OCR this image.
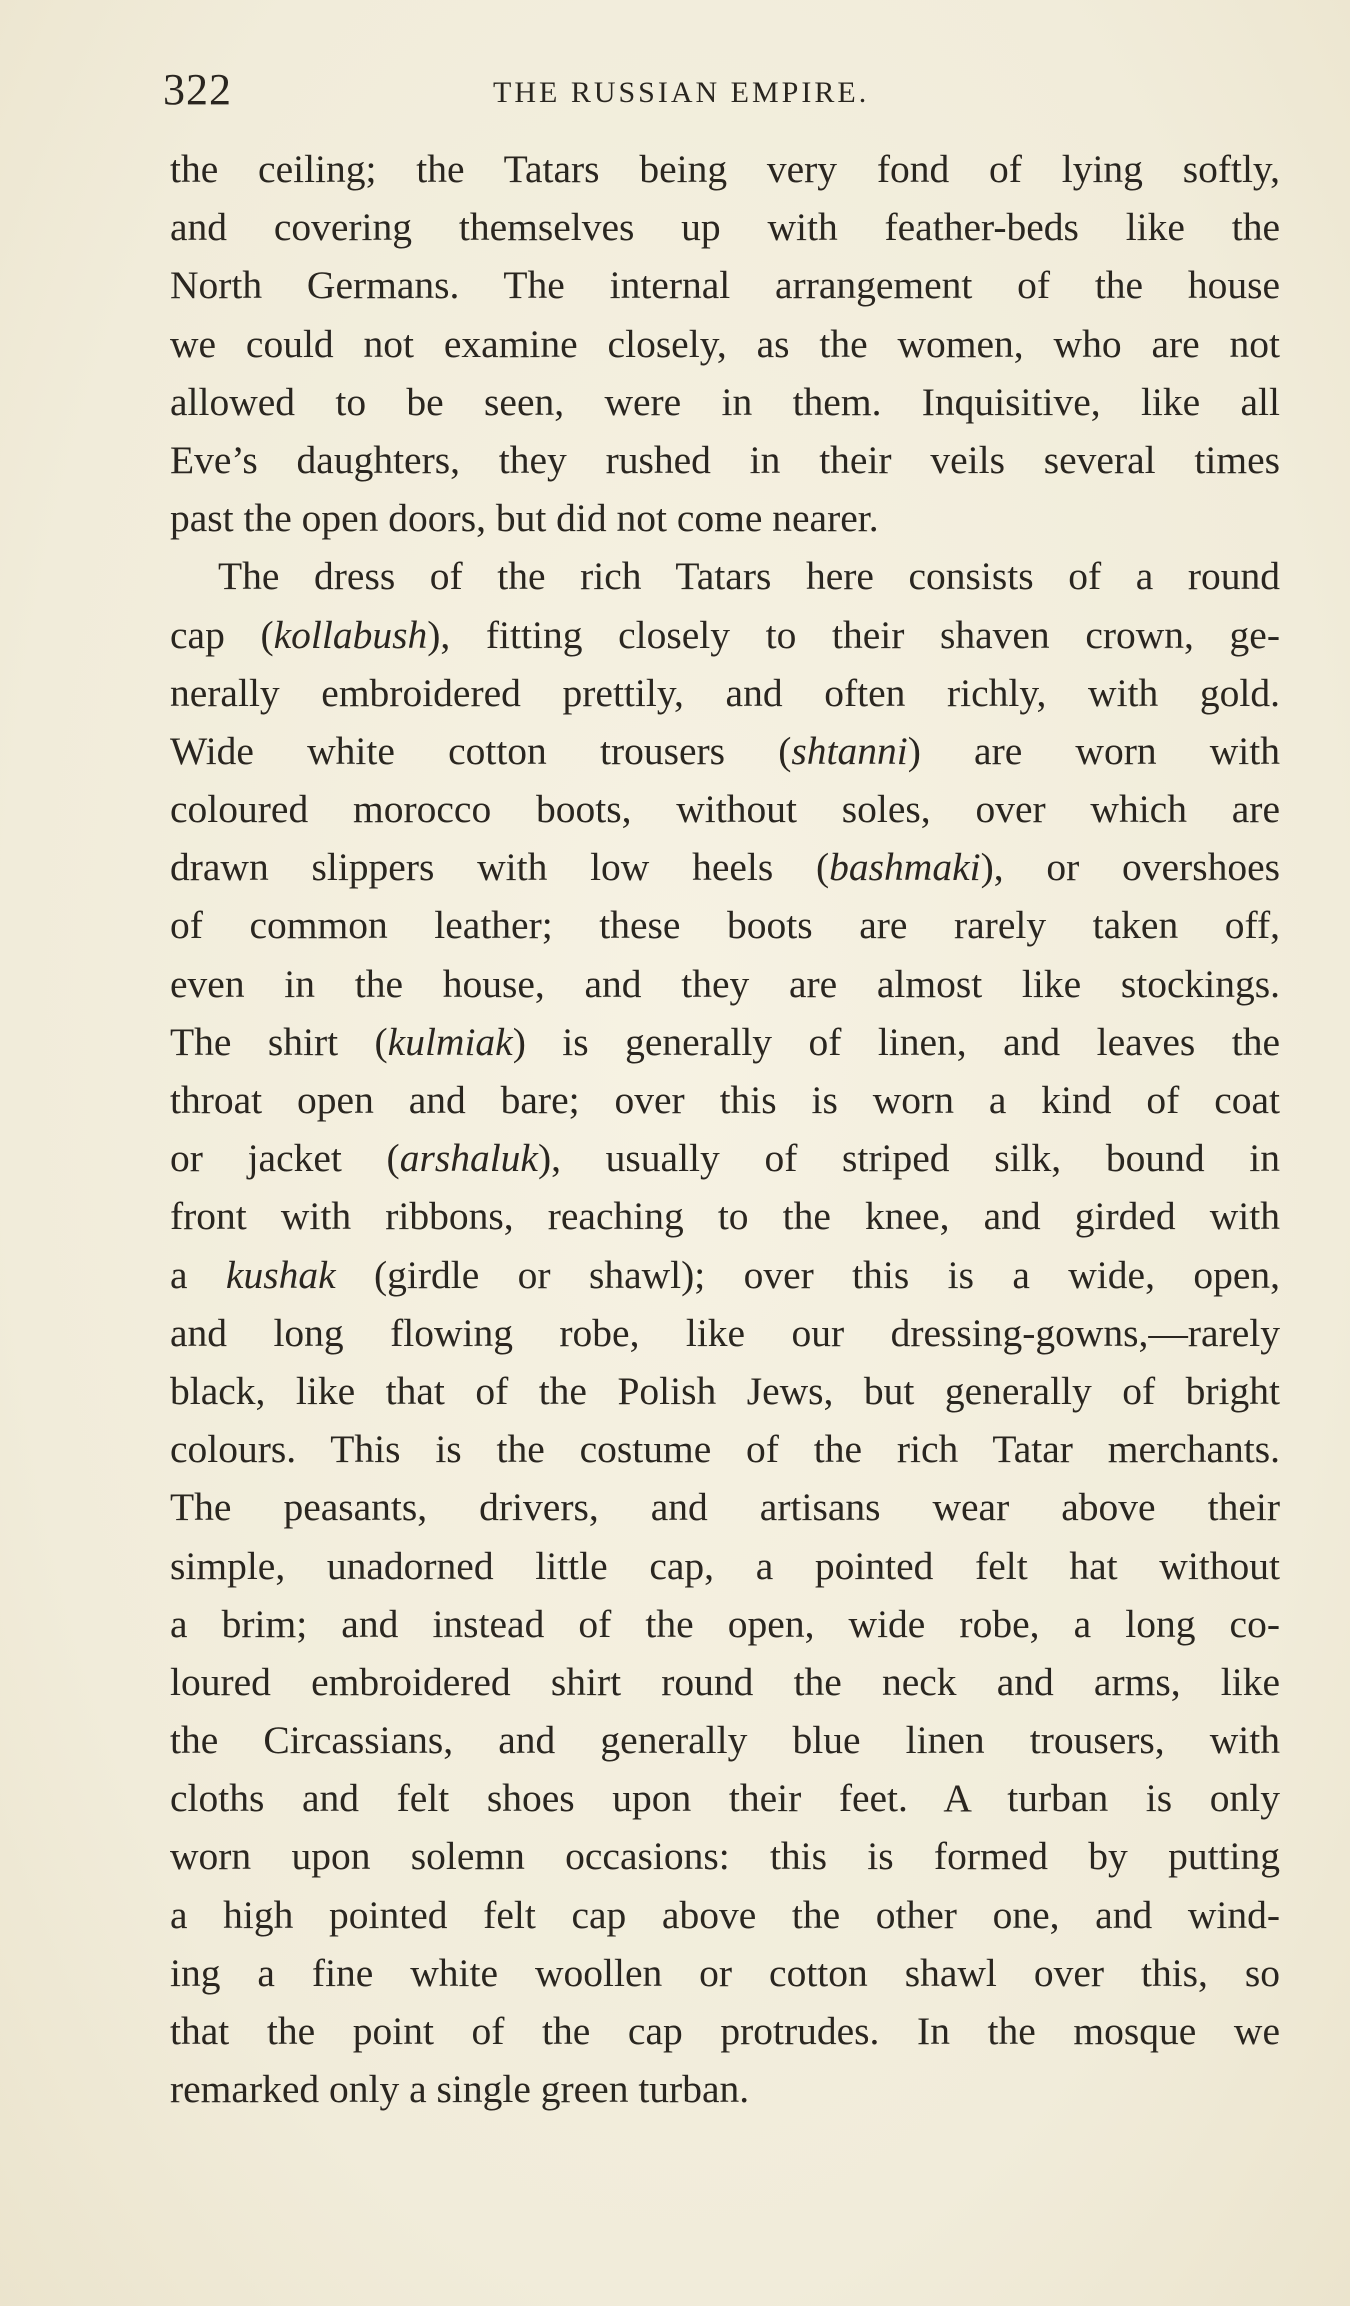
322	THE RUSSIAN EMPIRE.
the ceiling; the Tatars being very fond of lying softly,
and covering themselves up with feather-beds like the
North Germans. The internal arrangement of the house
we could not examine closely, as the women, who are not
allowed to be seen, were in them. Inquisitive, like all
Eve’s daughters, they rushed in their veils several times
past the open doors, but did not come nearer.
The dress of the rich Tatars here consists of a round
cap (kollabush), fitting closely to their shaven crown, ge-
nerally embroidered prettily, and often richly, with gold.
Wide white cotton trousers (shtanni) are worn with
coloured morocco boots, without soles, over which are
drawn slippers with low heels (bashmaki), or overshoes
of common leather; these boots are rarely taken off,
even in the house, and they are almost like stockings.
The shirt (kulmiak) is generally of linen, and leaves the
throat open and bare; over this is worn a kind of coat
or jacket (arshaluk), usually of striped silk, bound in
front with ribbons, reaching to the knee, and girded with
a kushak (girdle or shawl); over this is a wide, open,
and long flowing robe, like our dressing-gowns,—rarely
black, like that of the Polish Jews, but generally of bright
colours. This is the costume of the rich Tatar merchants.
The peasants, drivers, and artisans wear above their
simple, unadorned little cap, a pointed felt hat without
a brim; and instead of the open, wide robe, a long co-
loured embroidered shirt round the neck and arms, like
the Circassians, and generally blue linen trousers, with
cloths and felt shoes upon their feet. A turban is only
worn upon solemn occasions: this is formed by putting
a high pointed felt cap above the other one, and wind-
ing a fine white woollen or cotton shawl over this, so
that the point of the cap protrudes. In the mosque we
remarked only a single green turban.
